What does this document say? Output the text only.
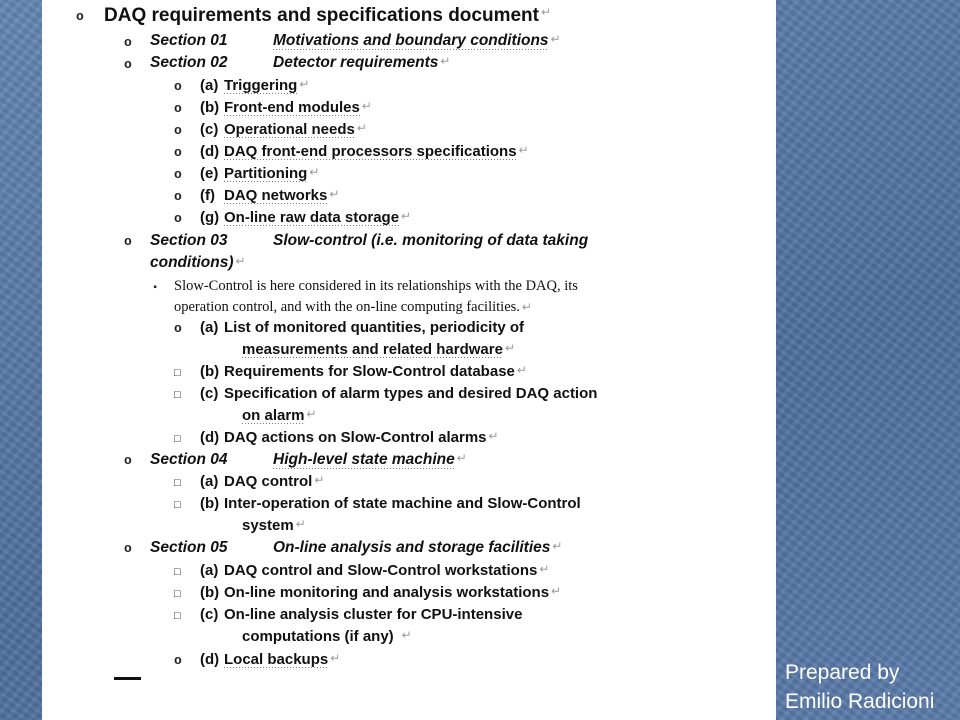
o
DAQ requirements and specifications document ↵
o
Section 01	Motivations and boundary conditions ↵
o
Section 02	Detector requirements ↵
o
(a) Triggering ↵
o
(b) Front-end modules ↵
o
(c) Operational needs ↵
o
(d) DAQ front-end processors specifications ↵
o
(e) Partitioning ↵
o
(f) DAQ networks ↵
o
(g) On-line raw data storage ↵
o
Section 03	Slow-control (i.e. monitoring of data taking
conditions) ↵
▪
Slow-Control is here considered in its relationships with the DAQ, its
operation control, and with the on-line computing facilities. ↵
o
(a) List of monitored quantities, periodicity of
measurements and related hardware ↵
□
(b) Requirements for Slow-Control database ↵
□
(c) Specification of alarm types and desired DAQ action
on alarm ↵
□
(d) DAQ actions on Slow-Control alarms ↵
o
Section 04	High-level state machine ↵
□
(a) DAQ control ↵
□
(b) Inter-operation of state machine and Slow-Control
system ↵
o
Section 05	On-line analysis and storage facilities ↵
□
(a) DAQ control and Slow-Control workstations ↵
□
(b) On-line monitoring and analysis workstations ↵
□
(c) On-line analysis cluster for CPU-intensive
computations (if any) ↵
o
(d) Local backups ↵
Prepared by
Emilio Radicioni
